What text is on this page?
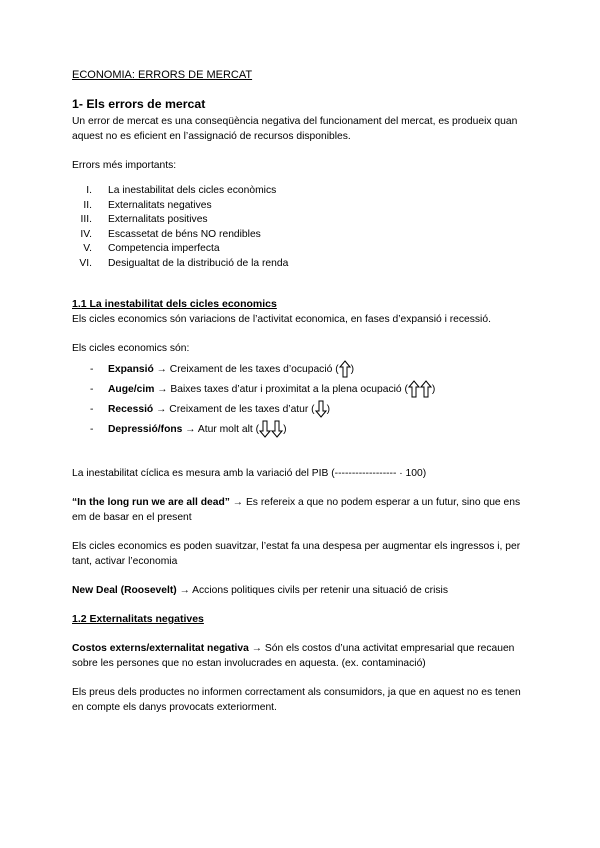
ECONOMIA: ERRORS DE MERCAT

1- Els errors de mercat

Un error de mercat es una conseqüència negativa del funcionament del mercat, es produeix quan aquest no es eficient en l’assignació de recursos disponibles.

Errors més importants:

I. La inestabilitat dels cicles econòmics
II. Externalitats negatives
III. Externalitats positives
IV. Escassetat de béns NO rendibles
V. Competencia imperfecta
VI. Desigualtat de la distribució de la renda

1.1 La inestabilitat dels cicles economics

Els cicles economics són variacions de l’activitat economica, en fases d’expansió i recessió.

Els cicles economics són:

- Expansió → Creixament de les taxes d’ocupació ( )
- Auge/cim → Baixes taxes d’atur i proximitat a la plena ocupació ( )
- Recessió → Creixament de les taxes d’atur ( )
- Depressió/fons → Atur molt alt ( )

La inestabilitat cíclica es mesura amb la variació del PIB (------------------ · 100)

“In the long run we are all dead” → Es refereix a que no podem esperar a un futur, sino que ens em de basar en el present

Els cicles economics es poden suavitzar, l’estat fa una despesa per augmentar els ingressos i, per tant, activar l’economia

New Deal (Roosevelt) → Accions politiques civils per retenir una situació de crisis

1.2 Externalitats negatives

Costos externs/externalitat negativa → Són els costos d’una activitat empresarial que recauen sobre les persones que no estan involucrades en aquesta. (ex. contaminació)

Els preus dels productes no informen correctament als consumidors, ja que en aquest no es tenen en compte els danys provocats exteriorment.
